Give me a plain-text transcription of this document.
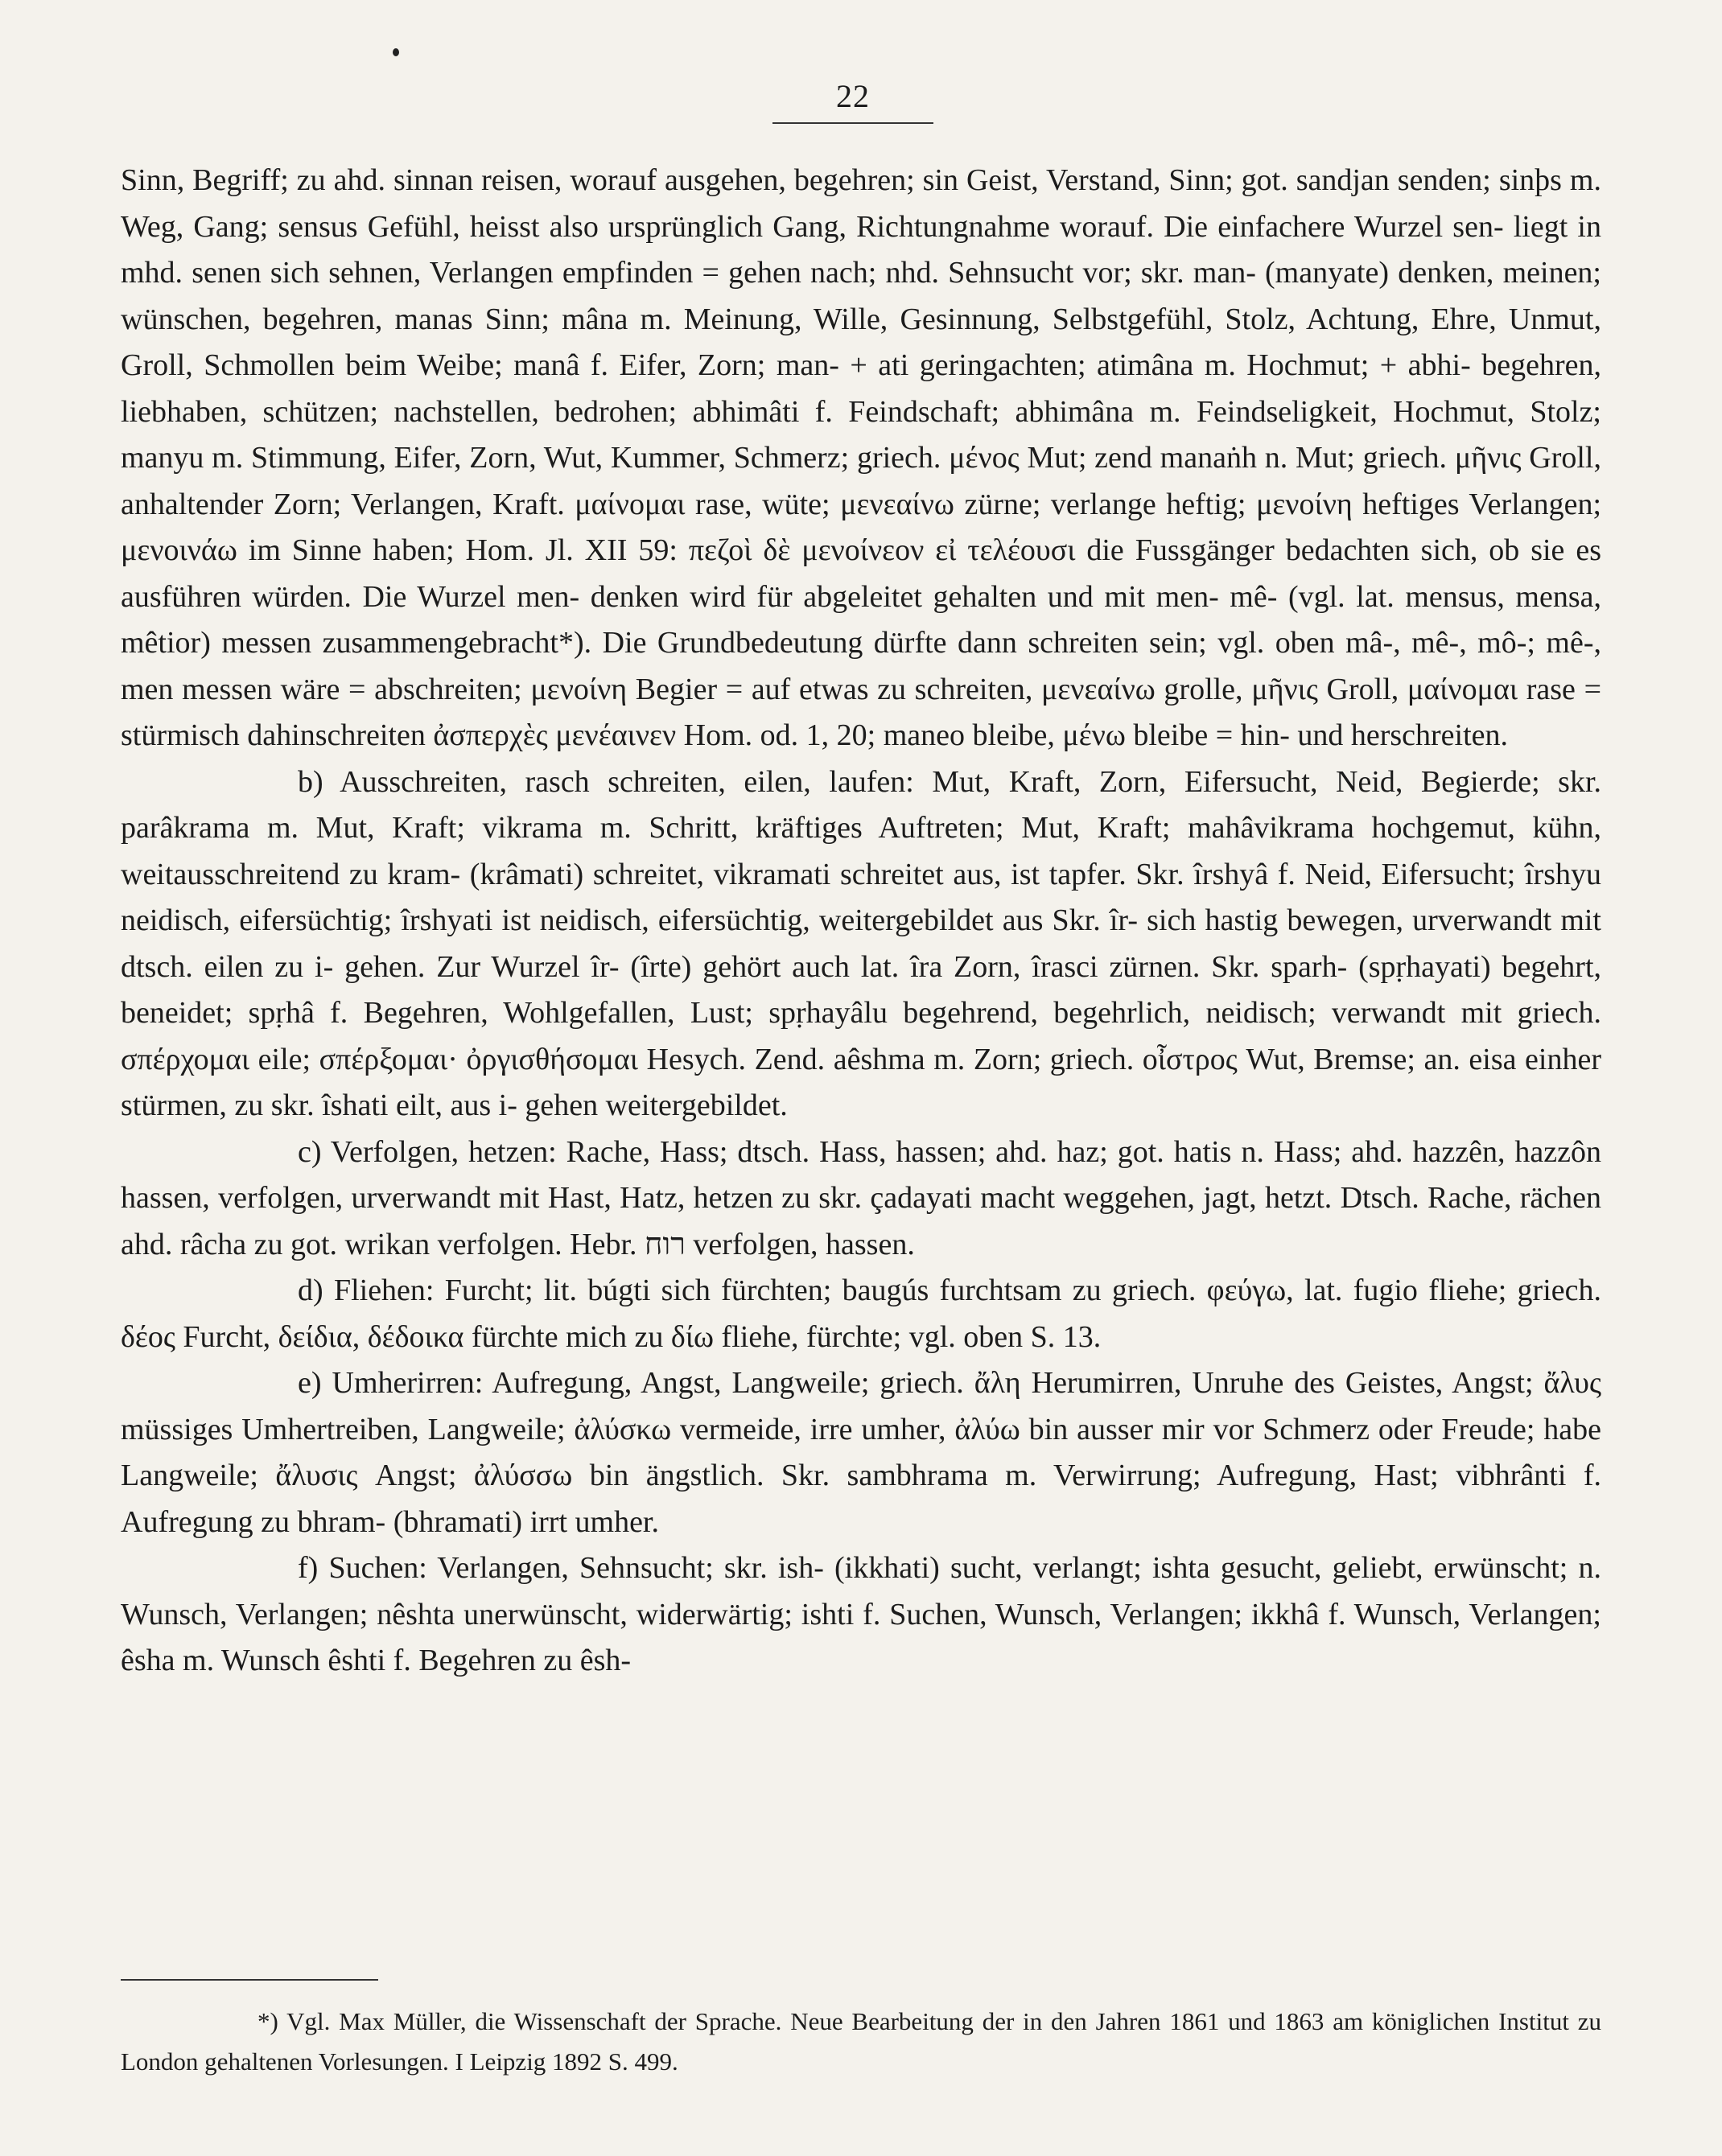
22

Sinn, Begriff; zu ahd. sinnan reisen, worauf ausgehen, begehren; sin Geist, Verstand, Sinn; got. sandjan senden; sinþs m. Weg, Gang; sensus Gefühl, heisst also ursprünglich Gang, Richtungnahme worauf. Die einfachere Wurzel sen- liegt in mhd. senen sich sehnen, Verlangen empfinden = gehen nach; nhd. Sehnsucht vor; skr. man- (manyate) denken, meinen; wünschen, begehren, manas Sinn; mâna m. Meinung, Wille, Gesinnung, Selbstgefühl, Stolz, Achtung, Ehre, Unmut, Groll, Schmollen beim Weibe; manâ f. Eifer, Zorn; man- + ati geringachten; atimâna m. Hochmut; + abhi- begehren, liebhaben, schützen; nachstellen, bedrohen; abhimâti f. Feindschaft; abhimâna m. Feindseligkeit, Hochmut, Stolz; manyu m. Stimmung, Eifer, Zorn, Wut, Kummer, Schmerz; griech. μένος Mut; zend manaṅh n. Mut; griech. μῆνις Groll, anhaltender Zorn; Verlangen, Kraft. μαίνομαι rase, wüte; μενεαίνω zürne; verlange heftig; μενοίνη heftiges Verlangen; μενοινάω im Sinne haben; Hom. Jl. XII 59: πεζοὶ δὲ μενοίνεον εἰ τελέουσι die Fussgänger bedachten sich, ob sie es ausführen würden. Die Wurzel men- denken wird für abgeleitet gehalten und mit men- mê- (vgl. lat. mensus, mensa, mêtior) messen zusammengebracht*). Die Grundbedeutung dürfte dann schreiten sein; vgl. oben mâ-, mê-, mô-; mê-, men messen wäre = abschreiten; μενοίνη Begier = auf etwas zu schreiten, μενεαίνω grolle, μῆνις Groll, μαίνομαι rase = stürmisch dahinschreiten ἀσπερχὲς μενέαινεν Hom. od. 1, 20; maneo bleibe, μένω bleibe = hin- und herschreiten.

b) Ausschreiten, rasch schreiten, eilen, laufen: Mut, Kraft, Zorn, Eifersucht, Neid, Begierde; skr. parâkrama m. Mut, Kraft; vikrama m. Schritt, kräftiges Auftreten; Mut, Kraft; mahâvikrama hochgemut, kühn, weitausschreitend zu kram- (krâmati) schreitet, vikramati schreitet aus, ist tapfer. Skr. îrshyâ f. Neid, Eifersucht; îrshyu neidisch, eifersüchtig; îrshyati ist neidisch, eifersüchtig, weitergebildet aus Skr. îr- sich hastig bewegen, urverwandt mit dtsch. eilen zu i- gehen. Zur Wurzel îr- (îrte) gehört auch lat. îra Zorn, îrasci zürnen. Skr. sparh- (spṛhayati) begehrt, beneidet; spṛhâ f. Begehren, Wohlgefallen, Lust; spṛhayâlu begehrend, begehrlich, neidisch; verwandt mit griech. σπέρχομαι eile; σπέρξομαι· ὀργισθήσομαι Hesych. Zend. aêshma m. Zorn; griech. οἶστρος Wut, Bremse; an. eisa einher stürmen, zu skr. îshati eilt, aus i- gehen weitergebildet.

c) Verfolgen, hetzen: Rache, Hass; dtsch. Hass, hassen; ahd. haz; got. hatis n. Hass; ahd. hazzên, hazzôn hassen, verfolgen, urverwandt mit Hast, Hatz, hetzen zu skr. çadayati macht weggehen, jagt, hetzt. Dtsch. Rache, rächen ahd. râcha zu got. wrikan verfolgen. Hebr. רוח verfolgen, hassen.

d) Fliehen: Furcht; lit. búgti sich fürchten; baugús furchtsam zu griech. φεύγω, lat. fugio fliehe; griech. δέος Furcht, δείδια, δέδοικα fürchte mich zu δίω fliehe, fürchte; vgl. oben S. 13.

e) Umherirren: Aufregung, Angst, Langweile; griech. ἄλη Herumirren, Unruhe des Geistes, Angst; ἄλυς müssiges Umhertreiben, Langweile; ἀλύσκω vermeide, irre umher, ἀλύω bin ausser mir vor Schmerz oder Freude; habe Langweile; ἄλυσις Angst; ἀλύσσω bin ängstlich. Skr. sambhrama m. Verwirrung; Aufregung, Hast; vibhrânti f. Aufregung zu bhram- (bhramati) irrt umher.

f) Suchen: Verlangen, Sehnsucht; skr. ish- (ikkhati) sucht, verlangt; ishta gesucht, geliebt, erwünscht; n. Wunsch, Verlangen; nêshta unerwünscht, widerwärtig; ishti f. Suchen, Wunsch, Verlangen; ikkhâ f. Wunsch, Verlangen; êsha m. Wunsch êshti f. Begehren zu êsh-

*) Vgl. Max Müller, die Wissenschaft der Sprache. Neue Bearbeitung der in den Jahren 1861 und 1863 am königlichen Institut zu London gehaltenen Vorlesungen. I Leipzig 1892 S. 499.
